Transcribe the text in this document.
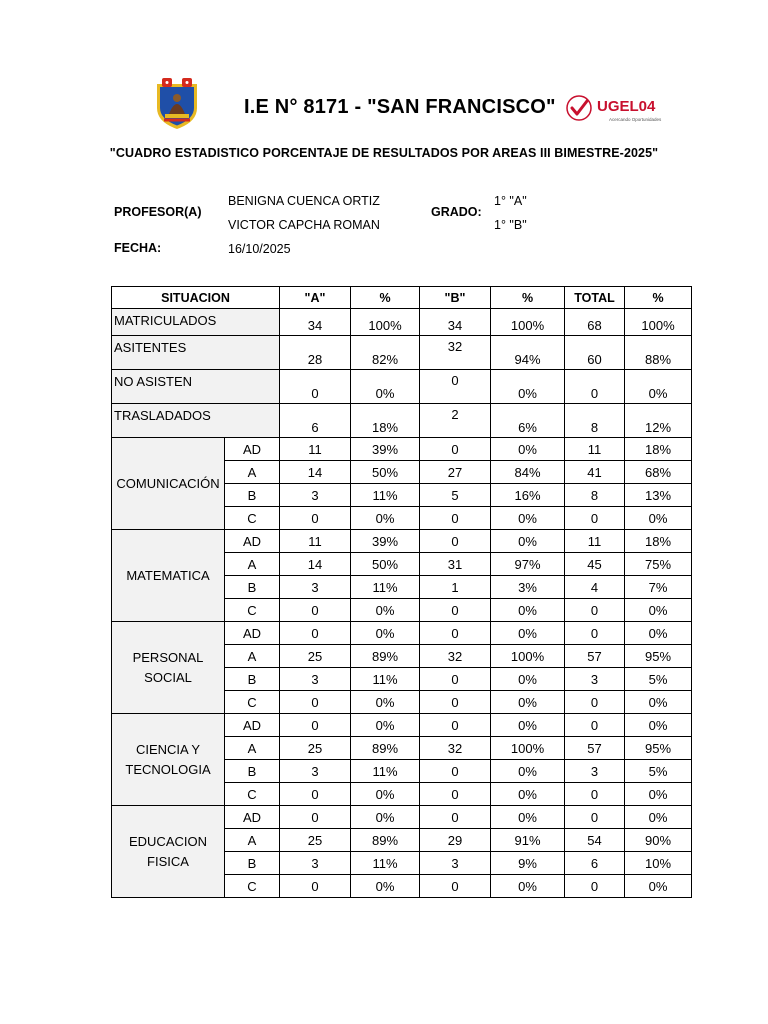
I.E N° 8171 - "SAN FRANCISCO"	UGEL04
Acercando Oportunidades
"CUADRO ESTADISTICO PORCENTAJE DE RESULTADOS POR AREAS III BIMESTRE-2025"
PROFESOR(A)
BENIGNA CUENCA ORTIZ
VICTOR CAPCHA ROMAN
GRADO:
1° "A"
1° "B"
FECHA:	16/10/2025
SITUACION		"A"	%	"B"	%	TOTAL	%
MATRICULADOS		34	100%	34	100%	68	100%
ASITENTES		28	82%	32	94%	60	88%
NO ASISTEN		0	0%	0	0%	0	0%
TRASLADADOS		6	18%	2	6%	8	12%
COMUNICACIÓN	AD	11	39%	0	0%	11	18%
	A	14	50%	27	84%	41	68%
	B	3	11%	5	16%	8	13%
	C	0	0%	0	0%	0	0%
MATEMATICA	AD	11	39%	0	0%	11	18%
	A	14	50%	31	97%	45	75%
	B	3	11%	1	3%	4	7%
	C	0	0%	0	0%	0	0%
PERSONAL SOCIAL	AD	0	0%	0	0%	0	0%
	A	25	89%	32	100%	57	95%
	B	3	11%	0	0%	3	5%
	C	0	0%	0	0%	0	0%
CIENCIA Y TECNOLOGIA	AD	0	0%	0	0%	0	0%
	A	25	89%	32	100%	57	95%
	B	3	11%	0	0%	3	5%
	C	0	0%	0	0%	0	0%
EDUCACION FISICA	AD	0	0%	0	0%	0	0%
	A	25	89%	29	91%	54	90%
	B	3	11%	3	9%	6	10%
	C	0	0%	0	0%	0	0%
